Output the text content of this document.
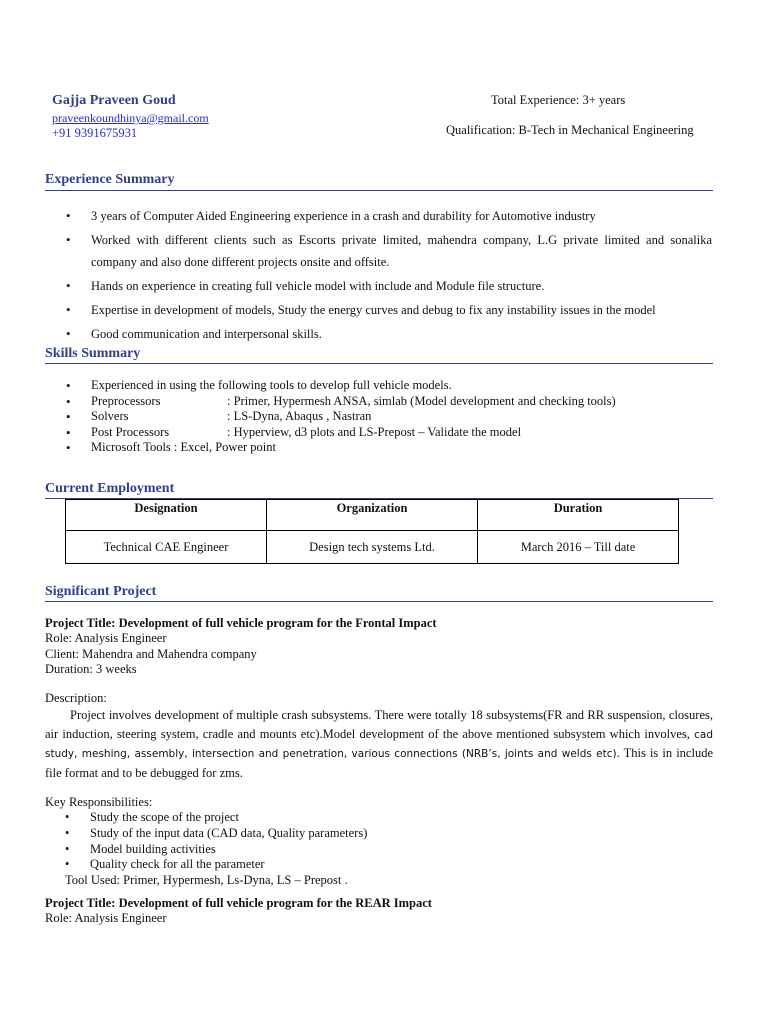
Gajja Praveen Goud
praveenkoundhinya@gmail.com
+91 9391675931
Total Experience: 3+ years
Qualification: B-Tech in Mechanical Engineering
Experience Summary
• 3 years of Computer Aided Engineering experience in a crash and durability for Automotive industry
• Worked with different clients such as Escorts private limited, mahendra company, L.G private limited and sonalika company and also done different projects onsite and offsite.
• Hands on experience in creating full vehicle model with include and Module file structure.
• Expertise in development of models, Study the energy curves and debug to fix any instability issues in the model
• Good communication and interpersonal skills.
Skills Summary
• Experienced in using the following tools to develop full vehicle models.
• Preprocessors	: Primer, Hypermesh ANSA, simlab (Model development and checking tools)
• Solvers	: LS-Dyna, Abaqus , Nastran
• Post Processors	: Hyperview, d3 plots and LS-Prepost – Validate the model
• Microsoft Tools : Excel, Power point
Current Employment
Designation	Organization	Duration
Technical CAE Engineer	Design tech systems Ltd.	March 2016 – Till date
Significant Project
Project Title: Development of full vehicle program for the Frontal Impact
Role: Analysis Engineer
Client: Mahendra and Mahendra company
Duration: 3 weeks
Description:
Project involves development of multiple crash subsystems. There were totally 18 subsystems(FR and RR suspension, closures, air induction, steering system, cradle and mounts etc).Model development of the above mentioned subsystem which involves, cad study, meshing, assembly, intersection and penetration, various connections (NRB’s, joints and welds etc). This is in include file format and to be debugged for zms.
Key Responsibilities:
• Study the scope of the project
• Study of the input data (CAD data, Quality parameters)
• Model building activities
• Quality check for all the parameter
Tool Used: Primer, Hypermesh, Ls-Dyna, LS – Prepost .
Project Title: Development of full vehicle program for the REAR Impact
Role: Analysis Engineer
